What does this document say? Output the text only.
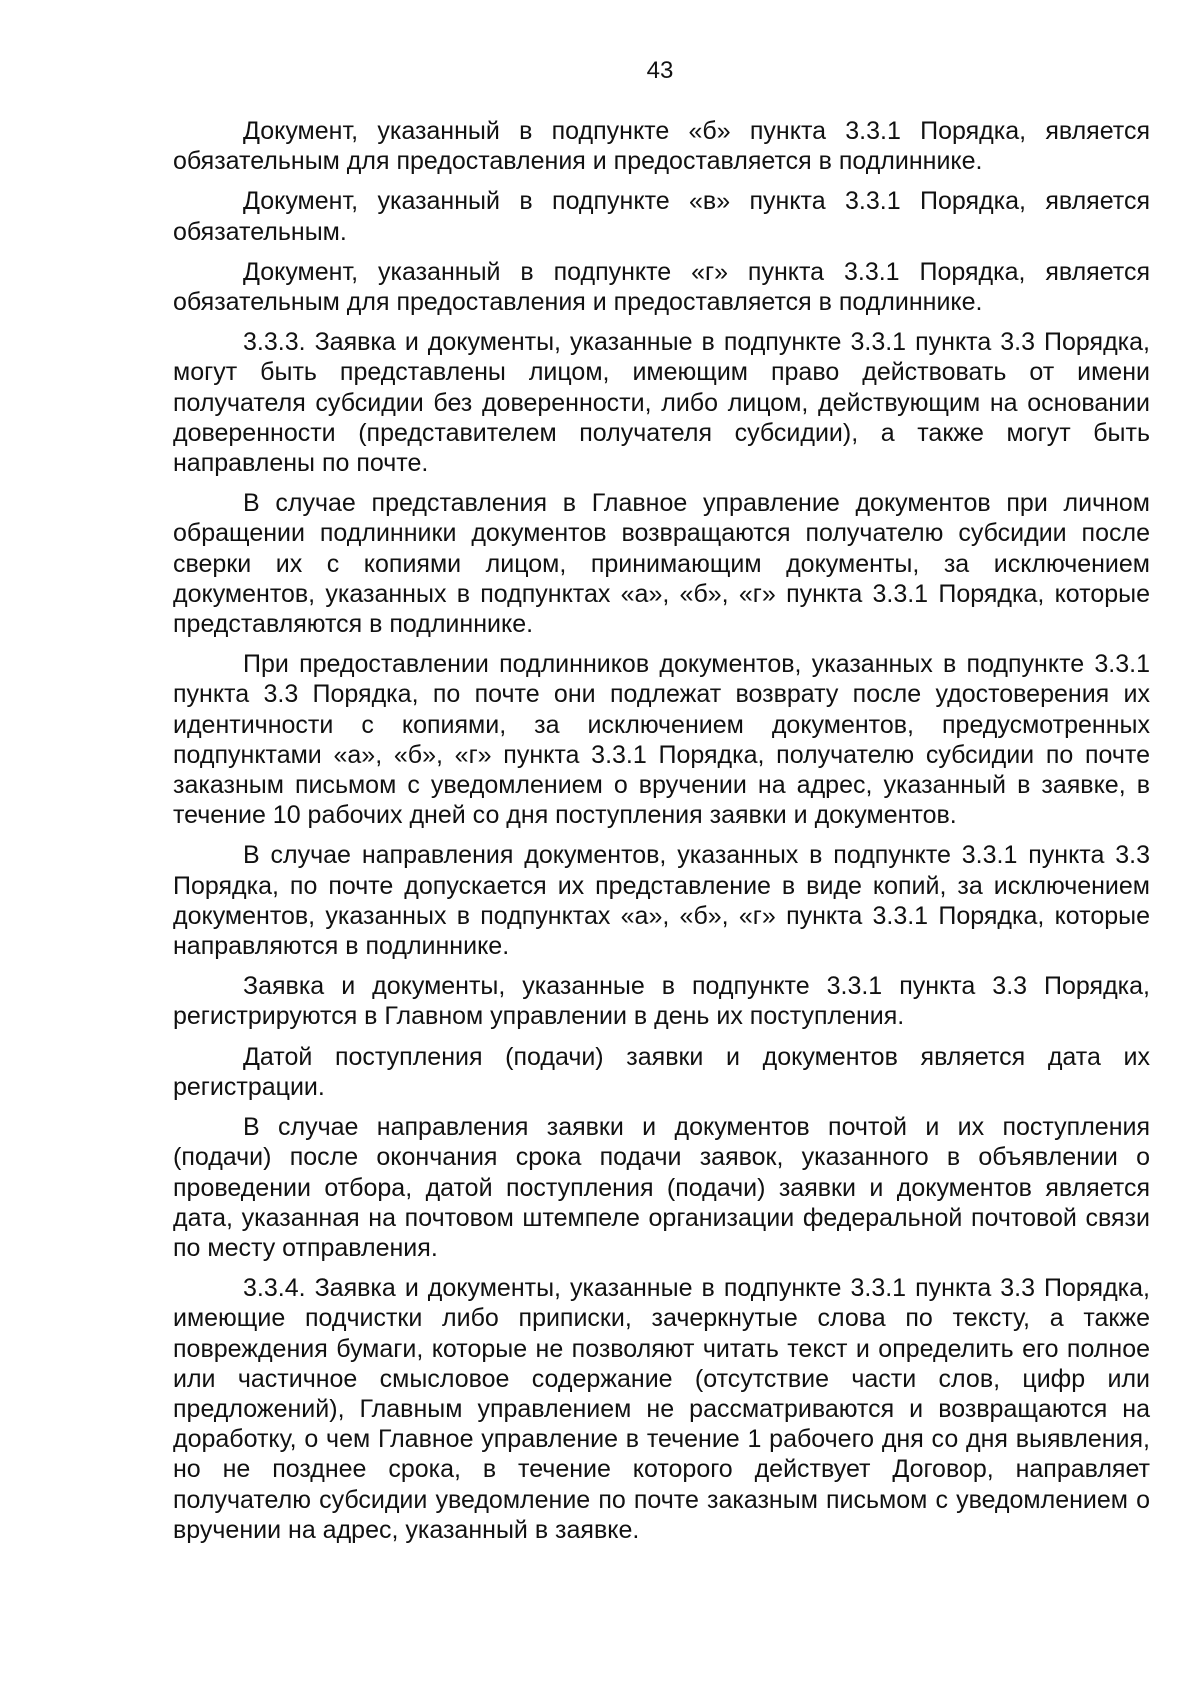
43

Документ, указанный в подпункте «б» пункта 3.3.1 Порядка, является обязательным для предоставления и предоставляется в подлиннике.

Документ, указанный в подпункте «в» пункта 3.3.1 Порядка, является обязательным.

Документ, указанный в подпункте «г» пункта 3.3.1 Порядка, является обязательным для предоставления и предоставляется в подлиннике.

3.3.3. Заявка и документы, указанные в подпункте 3.3.1 пункта 3.3 Порядка, могут быть представлены лицом, имеющим право действовать от имени получателя субсидии без доверенности, либо лицом, действующим на основании доверенности (представителем получателя субсидии), а также могут быть направлены по почте.

В случае представления в Главное управление документов при личном обращении подлинники документов возвращаются получателю субсидии после сверки их с копиями лицом, принимающим документы, за исключением документов, указанных в подпунктах «а», «б», «г» пункта 3.3.1 Порядка, которые представляются в подлиннике.

При предоставлении подлинников документов, указанных в подпункте 3.3.1 пункта 3.3 Порядка, по почте они подлежат возврату после удостоверения их идентичности с копиями, за исключением документов, предусмотренных подпунктами «а», «б», «г» пункта 3.3.1 Порядка, получателю субсидии по почте заказным письмом с уведомлением о вручении на адрес, указанный в заявке, в течение 10 рабочих дней со дня поступления заявки и документов.

В случае направления документов, указанных в подпункте 3.3.1 пункта 3.3 Порядка, по почте допускается их представление в виде копий, за исключением документов, указанных в подпунктах «а», «б», «г» пункта 3.3.1 Порядка, которые направляются в подлиннике.

Заявка и документы, указанные в подпункте 3.3.1 пункта 3.3 Порядка, регистрируются в Главном управлении в день их поступления.

Датой поступления (подачи) заявки и документов является дата их регистрации.

В случае направления заявки и документов почтой и их поступления (подачи) после окончания срока подачи заявок, указанного в объявлении о проведении отбора, датой поступления (подачи) заявки и документов является дата, указанная на почтовом штемпеле организации федеральной почтовой связи по месту отправления.

3.3.4. Заявка и документы, указанные в подпункте 3.3.1 пункта 3.3 Порядка, имеющие подчистки либо приписки, зачеркнутые слова по тексту, а также повреждения бумаги, которые не позволяют читать текст и определить его полное или частичное смысловое содержание (отсутствие части слов, цифр или предложений), Главным управлением не рассматриваются и возвращаются на доработку, о чем Главное управление в течение 1 рабочего дня со дня выявления, но не позднее срока, в течение которого действует Договор, направляет получателю субсидии уведомление по почте заказным письмом с уведомлением о вручении на адрес, указанный в заявке.
